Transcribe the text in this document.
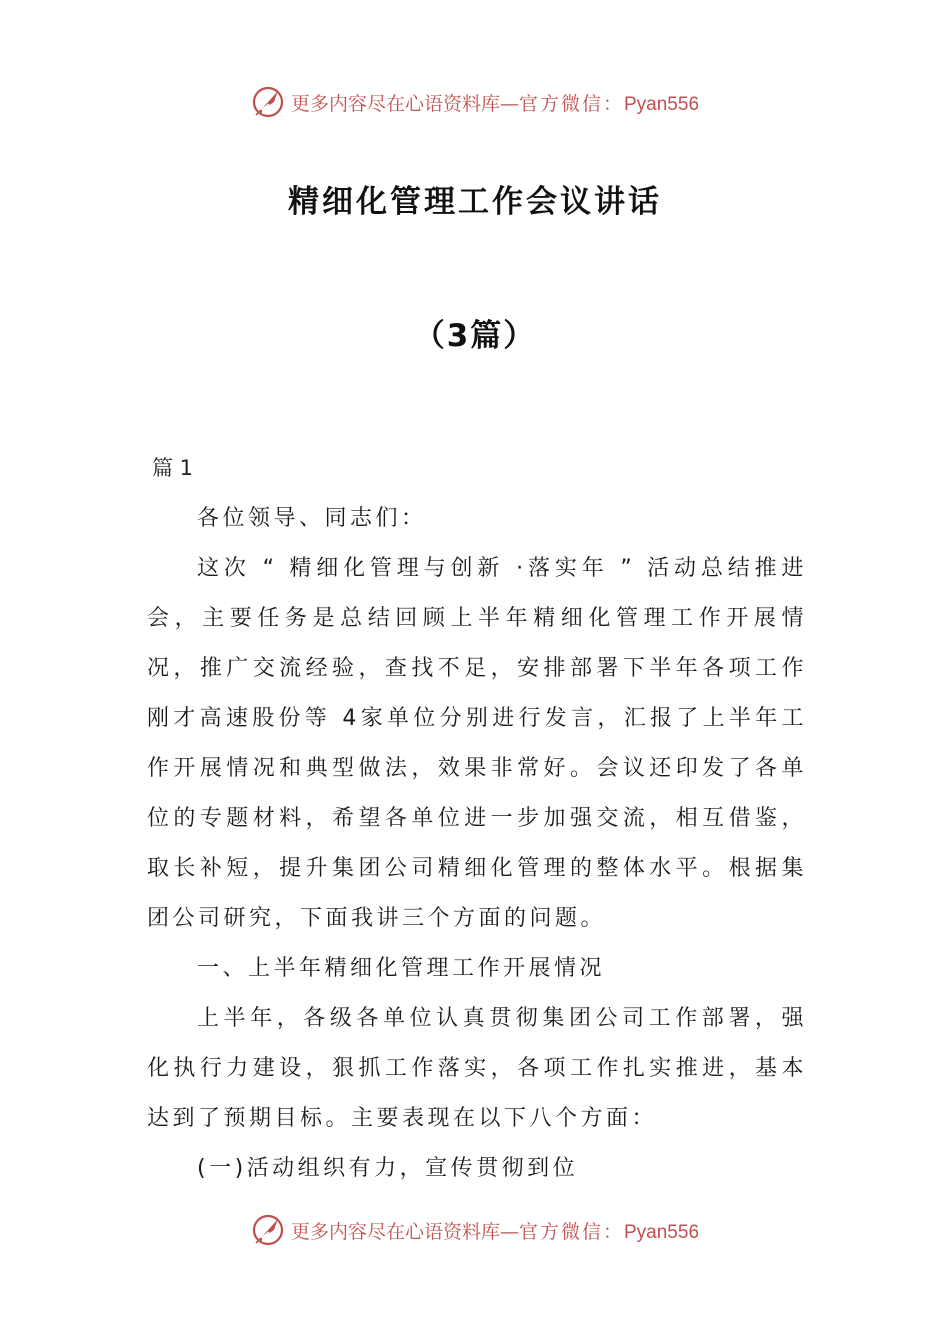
更多内容尽在心语资料库—官方微信：Pyan556
精细化管理工作会议讲话
（3篇）
篇 1

各位领导、同志们：

这次 “ 精细化管理与创新 ·落实年 ” 活动总结推进会，主要任务是总结回顾上半年精细化管理工作开展情况，推广交流经验，查找不足，安排部署下半年各项工作刚才高速股份等 4家单位分别进行发言，汇报了上半年工作开展情况和典型做法，效果非常好。会议还印发了各单位的专题材料，希望各单位进一步加强交流，相互借鉴，取长补短，提升集团公司精细化管理的整体水平。根据集团公司研究，下面我讲三个方面的问题。

一、上半年精细化管理工作开展情况

上半年，各级各单位认真贯彻集团公司工作部署，强化执行力建设，狠抓工作落实，各项工作扎实推进，基本达到了预期目标。主要表现在以下八个方面：

(一)活动组织有力，宣传贯彻到位

更多内容尽在心语资料库—官方微信：Pyan556
